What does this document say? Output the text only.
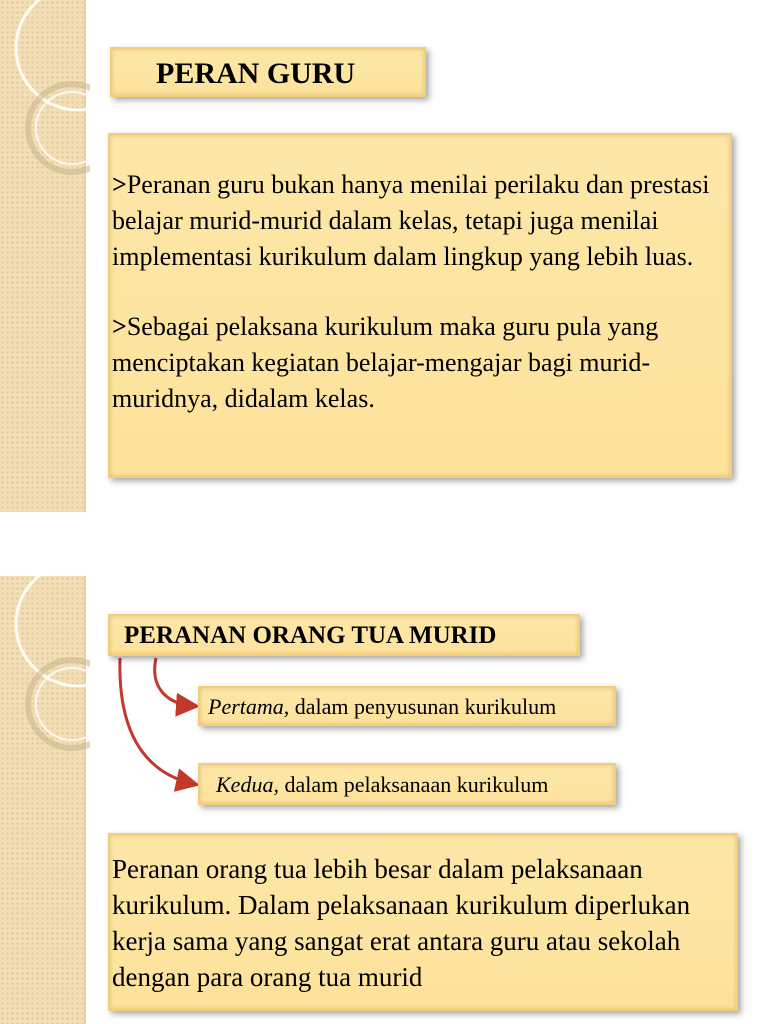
PERAN GURU

>Peranan guru bukan hanya menilai perilaku dan prestasi belajar murid-murid dalam kelas, tetapi juga menilai implementasi kurikulum dalam lingkup yang lebih luas.

>Sebagai pelaksana kurikulum maka guru pula yang menciptakan kegiatan belajar-mengajar bagi murid-muridnya, didalam kelas.

PERANAN ORANG TUA MURID
Pertama, dalam penyusunan kurikulum
Kedua, dalam pelaksanaan kurikulum
Peranan orang tua lebih besar dalam pelaksanaan kurikulum. Dalam pelaksanaan kurikulum diperlukan kerja sama yang sangat erat antara guru atau sekolah dengan para orang tua murid
